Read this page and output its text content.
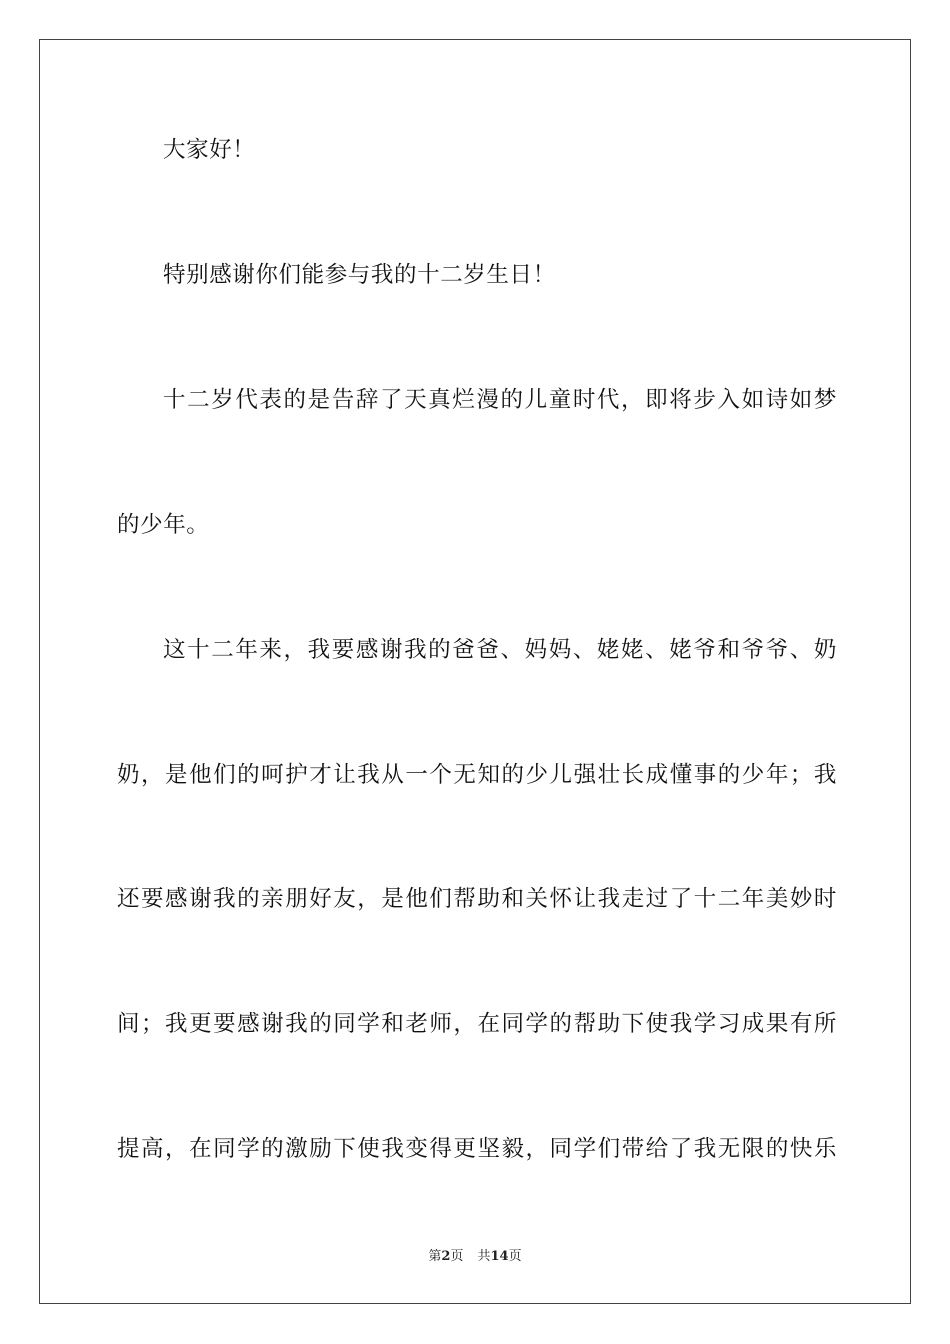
大家好！
特别感谢你们能参与我的十二岁生日！
十二岁代表的是告辞了天真烂漫的儿童时代，即将步入如诗如梦
的少年。
这十二年来，我要感谢我的爸爸、妈妈、姥姥、姥爷和爷爷、奶
奶，是他们的呵护才让我从一个无知的少儿强壮长成懂事的少年；我
还要感谢我的亲朋好友，是他们帮助和关怀让我走过了十二年美妙时
间；我更要感谢我的同学和老师，在同学的帮助下使我学习成果有所
提高，在同学的激励下使我变得更坚毅，同学们带给了我无限的快乐
第2页 共14页
